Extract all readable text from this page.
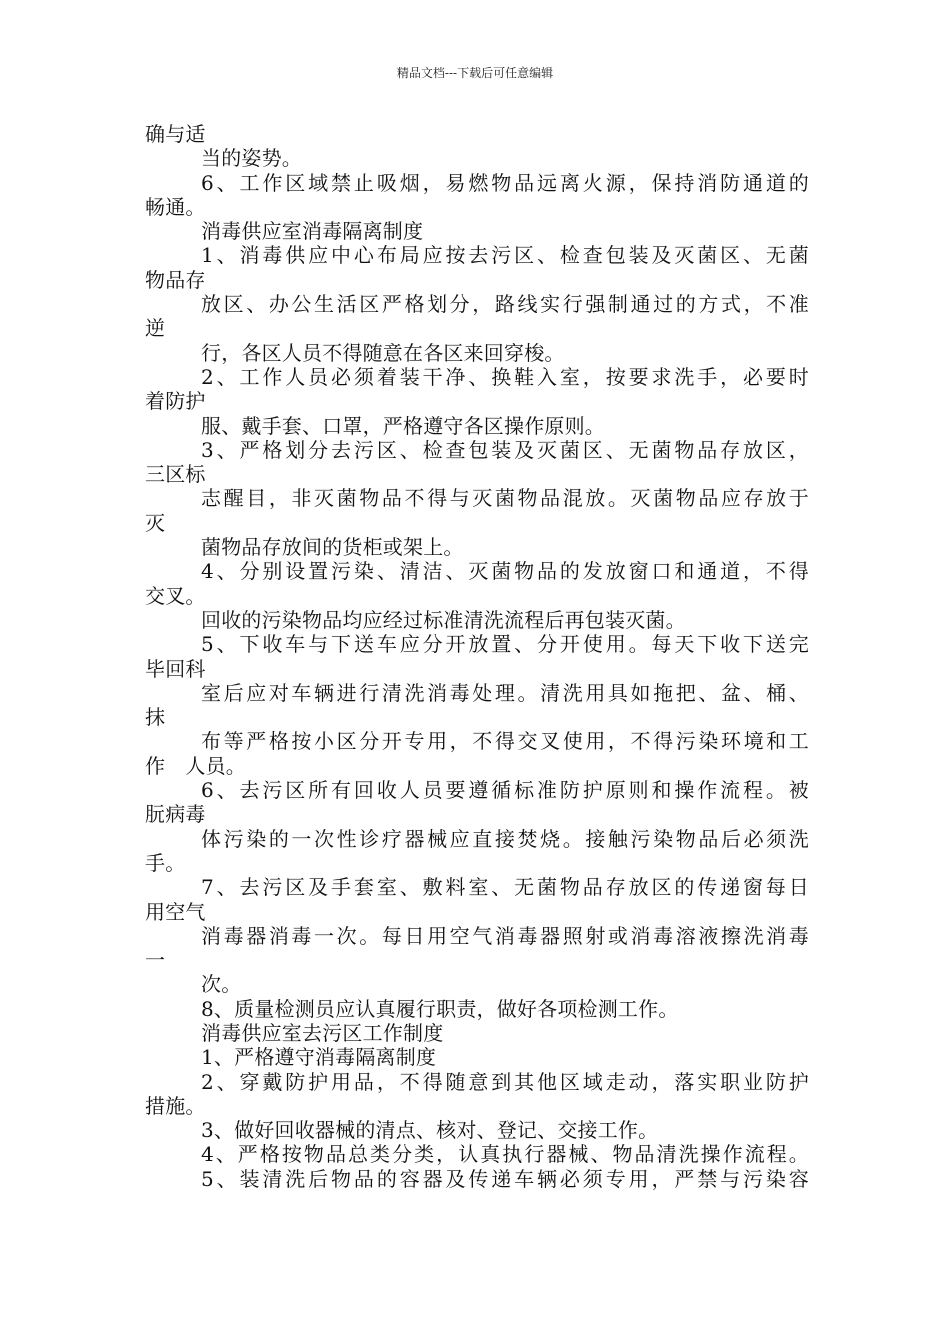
精品文档---下载后可任意编辑
确与适
当的姿势。
6、工作区域禁止吸烟，易燃物品远离火源，保持消防通道的
畅通。
消毒供应室消毒隔离制度
1、消毒供应中心布局应按去污区、检查包装及灭菌区、无菌
物品存
放区、办公生活区严格划分，路线实行强制通过的方式，不准
逆
行，各区人员不得随意在各区来回穿梭。
2、工作人员必须着装干净、换鞋入室，按要求洗手，必要时
着防护
服、戴手套、口罩，严格遵守各区操作原则。
3、严格划分去污区、检查包装及灭菌区、无菌物品存放区，
三区标
志醒目，非灭菌物品不得与灭菌物品混放。灭菌物品应存放于
灭
菌物品存放间的货柜或架上。
4、分别设置污染、清洁、灭菌物品的发放窗口和通道，不得
交叉。
回收的污染物品均应经过标准清洗流程后再包装灭菌。
5、下收车与下送车应分开放置、分开使用。每天下收下送完
毕回科
室后应对车辆进行清洗消毒处理。清洗用具如拖把、盆、桶、
抹
布等严格按小区分开专用，不得交叉使用，不得污染环境和工
作　人员。
6、去污区所有回收人员要遵循标准防护原则和操作流程。被
朊病毒
体污染的一次性诊疗器械应直接焚烧。接触污染物品后必须洗
手。
7、去污区及手套室、敷料室、无菌物品存放区的传递窗每日
用空气
消毒器消毒一次。每日用空气消毒器照射或消毒溶液擦洗消毒
一
次。
8、质量检测员应认真履行职责，做好各项检测工作。
消毒供应室去污区工作制度
1、严格遵守消毒隔离制度
2、穿戴防护用品，不得随意到其他区域走动，落实职业防护
措施。
3、做好回收器械的清点、核对、登记、交接工作。
4、严格按物品总类分类，认真执行器械、物品清洗操作流程。
5、装清洗后物品的容器及传递车辆必须专用，严禁与污染容
